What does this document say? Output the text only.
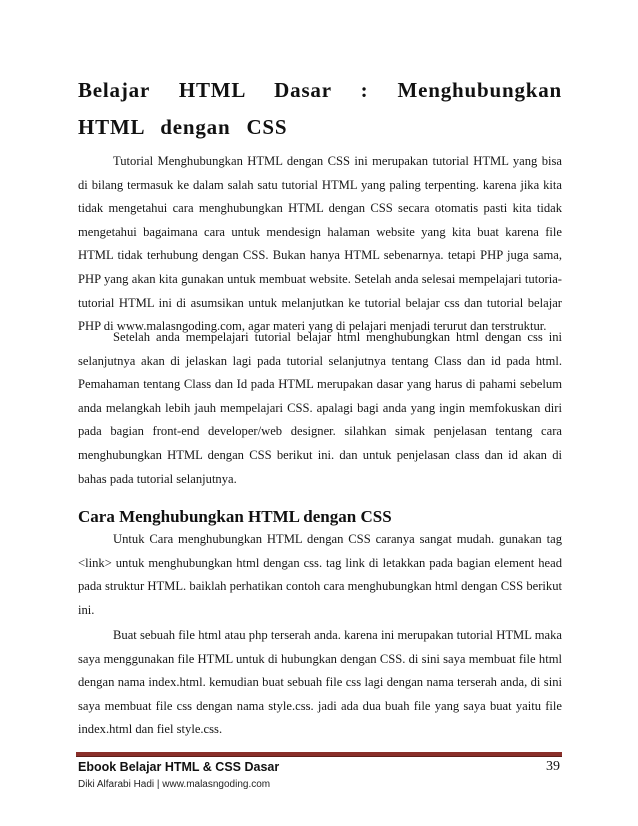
Belajar HTML Dasar : Menghubungkan HTML dengan CSS

Tutorial Menghubungkan HTML dengan CSS ini merupakan tutorial HTML yang bisa di bilang termasuk ke dalam salah satu tutorial HTML yang paling terpenting. karena jika kita tidak mengetahui cara menghubungkan HTML dengan CSS secara otomatis pasti kita tidak mengetahui bagaimana cara untuk mendesign halaman website yang kita buat karena file HTML tidak terhubung dengan CSS. Bukan hanya HTML sebenarnya. tetapi PHP juga sama, PHP yang akan kita gunakan untuk membuat website. Setelah anda selesai mempelajari tutoria-tutorial HTML ini di asumsikan untuk melanjutkan ke tutorial belajar css dan tutorial belajar PHP di www.malasngoding.com, agar materi yang di pelajari menjadi terurut dan terstruktur.

Setelah anda mempelajari tutorial belajar html menghubungkan html dengan css ini selanjutnya akan di jelaskan lagi pada tutorial selanjutnya tentang Class dan id pada html. Pemahaman tentang Class dan Id pada HTML merupakan dasar yang harus di pahami sebelum anda melangkah lebih jauh mempelajari CSS. apalagi bagi anda yang ingin memfokuskan diri pada bagian front-end developer/web designer. silahkan simak penjelasan tentang cara menghubungkan HTML dengan CSS berikut ini. dan untuk penjelasan class dan id akan di bahas pada tutorial selanjutnya.

Cara Menghubungkan HTML dengan CSS

Untuk Cara menghubungkan HTML dengan CSS caranya sangat mudah. gunakan tag <link> untuk menghubungkan html dengan css. tag link di letakkan pada bagian element head pada struktur HTML. baiklah perhatikan contoh cara menghubungkan html dengan CSS berikut ini.

Buat sebuah file html atau php terserah anda. karena ini merupakan tutorial HTML maka saya menggunakan file HTML untuk di hubungkan dengan CSS. di sini saya membuat file html dengan nama index.html. kemudian buat sebuah file css lagi dengan nama terserah anda, di sini saya membuat file css dengan nama style.css. jadi ada dua buah file yang saya buat yaitu file index.html dan fiel style.css.

Ebook Belajar HTML & CSS Dasar	39
Diki Alfarabi Hadi | www.malasngoding.com
